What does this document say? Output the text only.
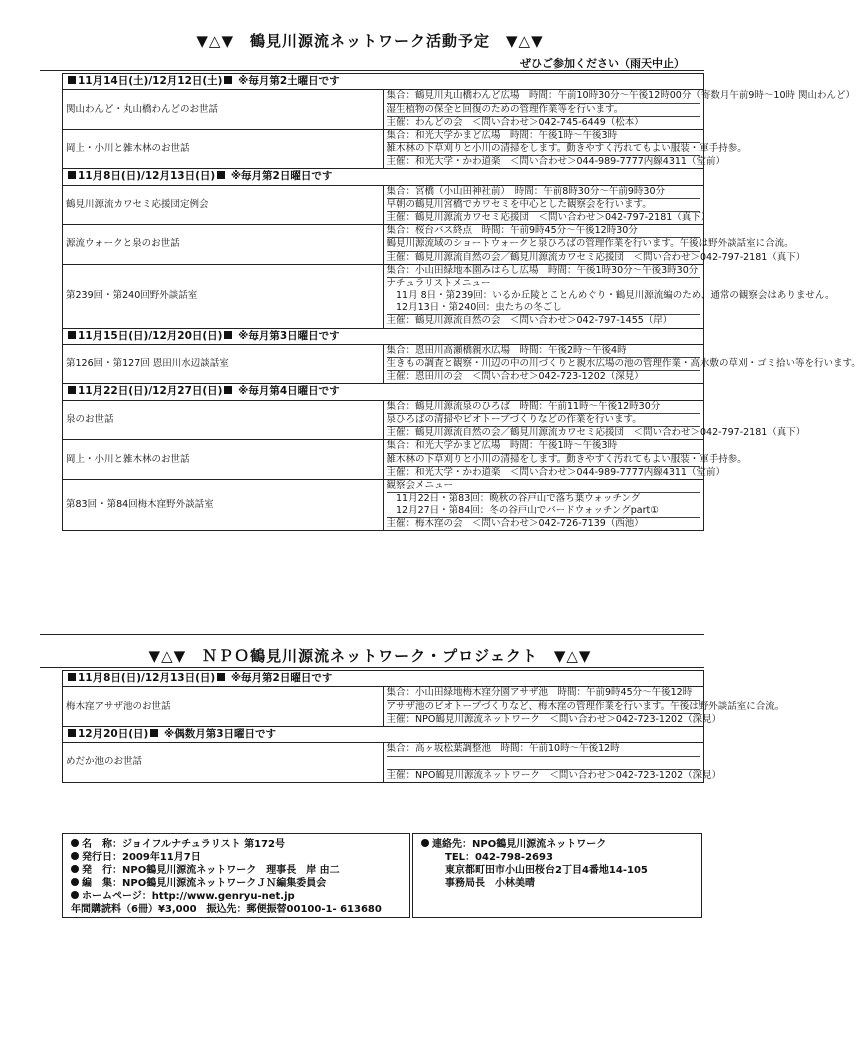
▼△▼　鶴見川源流ネットワーク活動予定　▼△▼
ぜひご参加ください（雨天中止）
11月14日(土)/12月12日(土) ※毎月第2土曜日です	
関山わんど・丸山橋わんどのお世話	集合：鶴見川丸山橋わんど広場　時間：午前10時30分～午後12時00分（寄数月午前9時～10時 関山わんど）
湿生植物の保全と回復のための管理作業等を行います。
主催：わんどの会　＜問い合わせ＞042-745-6449（松本）

岡上・小川と雑木林のお世話	集合：和光大学かまど広場　時間：午後1時～午後3時
雑木林の下草刈りと小川の清掃をします。動きやすく汚れてもよい服装・軍手持参。
主催：和光大学・かわ道楽　＜問い合わせ＞044-989-7777内線4311（堂前）

11月8日(日)/12月13日(日) ※毎月第2日曜日です	
鶴見川源流カワセミ応援団定例会	集合：宮橋（小山田神社前）　時間：午前8時30分～午前9時30分
早朝の鶴見川宮橋でカワセミを中心とした観察会を行います。
主催：鶴見川源流カワセミ応援団　＜問い合わせ＞042-797-2181（真下）

源流ウォークと泉のお世話	集合：桜台バス終点　時間：午前9時45分～午後12時30分
鶴見川源流域のショートウォークと泉ひろばの管理作業を行います。午後は野外談話室に合流。
主催：鶴見川源流自然の会／鶴見川源流カワセミ応援団　＜問い合わせ＞042-797-2181（真下）

第239回・第240回野外談話室	集合：小山田緑地本園みはらし広場　時間：午後1時30分～午後3時30分
ナチュラリストメニュー
　11月 8日・第239回：いるか丘陵とことんめぐり・鶴見川源流編のため、通常の観察会はありません。
　12月13日・第240回：虫たちの冬ごし
主催：鶴見川源流自然の会　＜問い合わせ＞042-797-1455（岸）

11月15日(日)/12月20日(日) ※毎月第3日曜日です	
第126回・第127回 恩田川水辺談話室	集合：恩田川高瀬橋親水広場　時間：午後2時～午後4時
生きもの調査と観察・川辺の中の川づくりと親水広場の池の管理作業・高水敷の草刈・ゴミ拾い等を行います。
主催：恩田川の会　＜問い合わせ＞042-723-1202（深見）

11月22日(日)/12月27日(日) ※毎月第4日曜日です	
泉のお世話	集合：鶴見川源流泉のひろば　時間：午前11時～午後12時30分
泉ひろばの清掃やビオトープづくりなどの作業を行います。
主催：鶴見川源流自然の会／鶴見川源流カワセミ応援団　＜問い合わせ＞042-797-2181（真下）

岡上・小川と雑木林のお世話	集合：和光大学かまど広場　時間：午後1時～午後3時
雑木林の下草刈りと小川の清掃をします。動きやすく汚れてもよい服装・軍手持参。
主催：和光大学・かわ道楽　＜問い合わせ＞044-989-7777内線4311（堂前）

第83回・第84回梅木窪野外談話室	観察会メニュー
　11月22日・第83回：晩秋の谷戸山で落ち葉ウォッチング
　12月27日・第84回：冬の谷戸山でバードウォッチングpart①
主催：梅木窪の会　＜問い合わせ＞042-726-7139（西池）
▼△▼　ＮＰＯ鶴見川源流ネットワーク・プロジェクト　▼△▼
11月8日(日)/12月13日(日) ※毎月第2日曜日です	
梅木窪アサザ池のお世話	集合：小山田緑地梅木窪分園アサザ池　時間：午前9時45分～午後12時
アサザ池のビオトープづくりなど、梅木窪の管理作業を行います。午後は野外談話室に合流。
主催：NPO鶴見川源流ネットワーク　＜問い合わせ＞042-723-1202（深見）

12月20日(日) ※偶数月第3日曜日です	
めだか池のお世話	集合：高ヶ坂松葉調整池　時間：午前10時～午後12時
主催：NPO鶴見川源流ネットワーク　＜問い合わせ＞042-723-1202（深見）
名　称：ジョイフルナチュラリスト 第172号
発行日：2009年11月7日
発　行：NPO鶴見川源流ネットワーク　理事長　岸 由二
編　集：NPO鶴見川源流ネットワークＪＮ編集委員会
ホームページ：http://www.genryu-net.jp
年間購読料（6冊）¥3,000　振込先：郵便振替00100-1- 613680
連絡先：NPO鶴見川源流ネットワーク
TEL：042-798-2693
東京都町田市小山田桜台2丁目4番地14-105
事務局長　小林美晴
